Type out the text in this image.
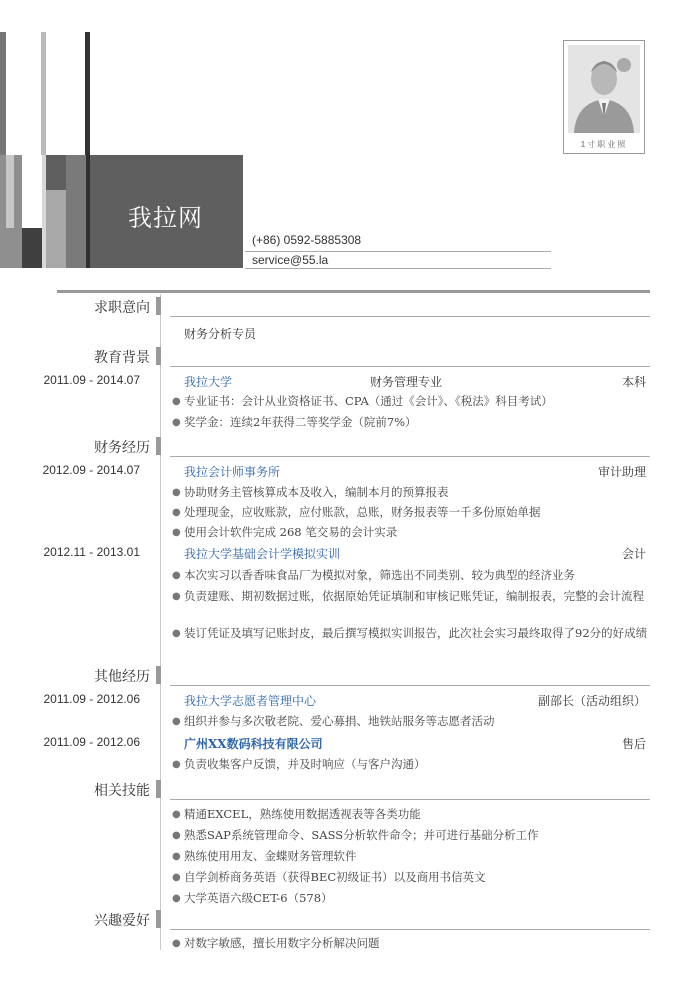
我拉网
(+86) 0592-5885308
service@55.la
1寸职业照
求职意向
财务分析专员
教育背景
2011.09 - 2014.07	我拉大学	财务管理专业	本科
● 专业证书：会计从业资格证书、CPA（通过《会计》、《税法》科目考试）
● 奖学金：连续2年获得二等奖学金（院前7%）
财务经历
2012.09 - 2014.07	我拉会计师事务所	审计助理
● 协助财务主管核算成本及收入，编制本月的预算报表
● 处理现金，应收账款，应付账款，总账，财务报表等一千多份原始单据
● 使用会计软件完成 268 笔交易的会计实录
2012.11 - 2013.01	我拉大学基础会计学模拟实训	会计
● 本次实习以香香味食品厂为模拟对象，筛选出不同类别、较为典型的经济业务
● 负责建账、期初数据过账，依据原始凭证填制和审核记账凭证，编制报表，完整的会计流程
● 装订凭证及填写记账封皮，最后撰写模拟实训报告，此次社会实习最终取得了92分的好成绩
其他经历
2011.09 - 2012.06	我拉大学志愿者管理中心	副部长（活动组织）
● 组织并参与多次敬老院、爱心募捐、地铁站服务等志愿者活动
2011.09 - 2012.06	广州XX数码科技有限公司	售后
● 负责收集客户反馈，并及时响应（与客户沟通）
相关技能
● 精通EXCEL，熟练使用数据透视表等各类功能
● 熟悉SAP系统管理命令、SASS分析软件命令；并可进行基础分析工作
● 熟练使用用友、金蝶财务管理软件
● 自学剑桥商务英语（获得BEC初级证书）以及商用书信英文
● 大学英语六级CET-6（578）
兴趣爱好
● 对数字敏感，擅长用数字分析解决问题
